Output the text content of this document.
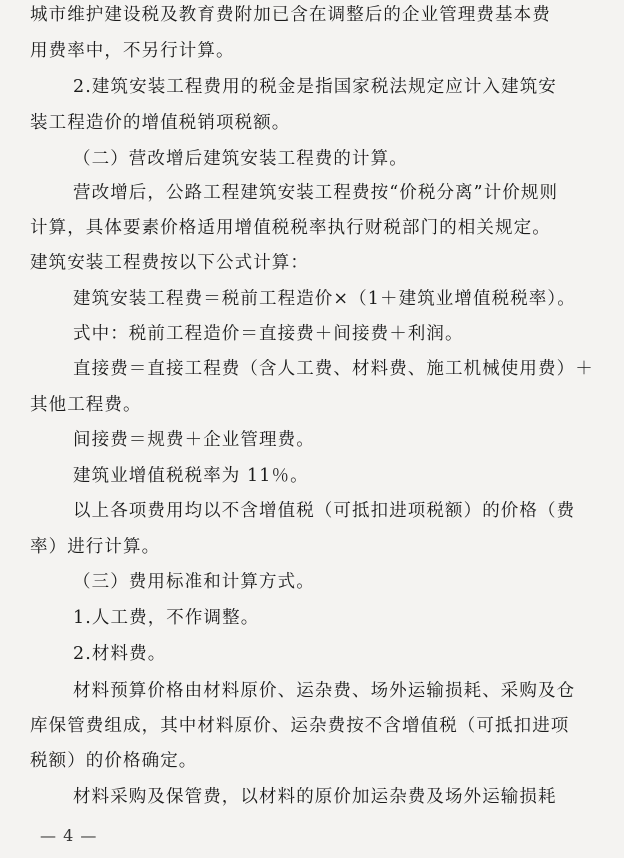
城市维护建设税及教育费附加已含在调整后的企业管理费基本费
用费率中，不另行计算。
2.建筑安装工程费用的税金是指国家税法规定应计入建筑安
装工程造价的增值税销项税额。
（二）营改增后建筑安装工程费的计算。
营改增后，公路工程建筑安装工程费按“价税分离”计价规则
计算，具体要素价格适用增值税税率执行财税部门的相关规定。
建筑安装工程费按以下公式计算：
建筑安装工程费＝税前工程造价×（1＋建筑业增值税税率）。
式中：税前工程造价＝直接费＋间接费＋利润。
直接费＝直接工程费（含人工费、材料费、施工机械使用费）＋
其他工程费。
间接费＝规费＋企业管理费。
建筑业增值税税率为 11％。
以上各项费用均以不含增值税（可抵扣进项税额）的价格（费
率）进行计算。
（三）费用标准和计算方式。
1.人工费，不作调整。
2.材料费。
材料预算价格由材料原价、运杂费、场外运输损耗、采购及仓
库保管费组成，其中材料原价、运杂费按不含增值税（可抵扣进项
税额）的价格确定。
材料采购及保管费，以材料的原价加运杂费及场外运输损耗
— 4 —
